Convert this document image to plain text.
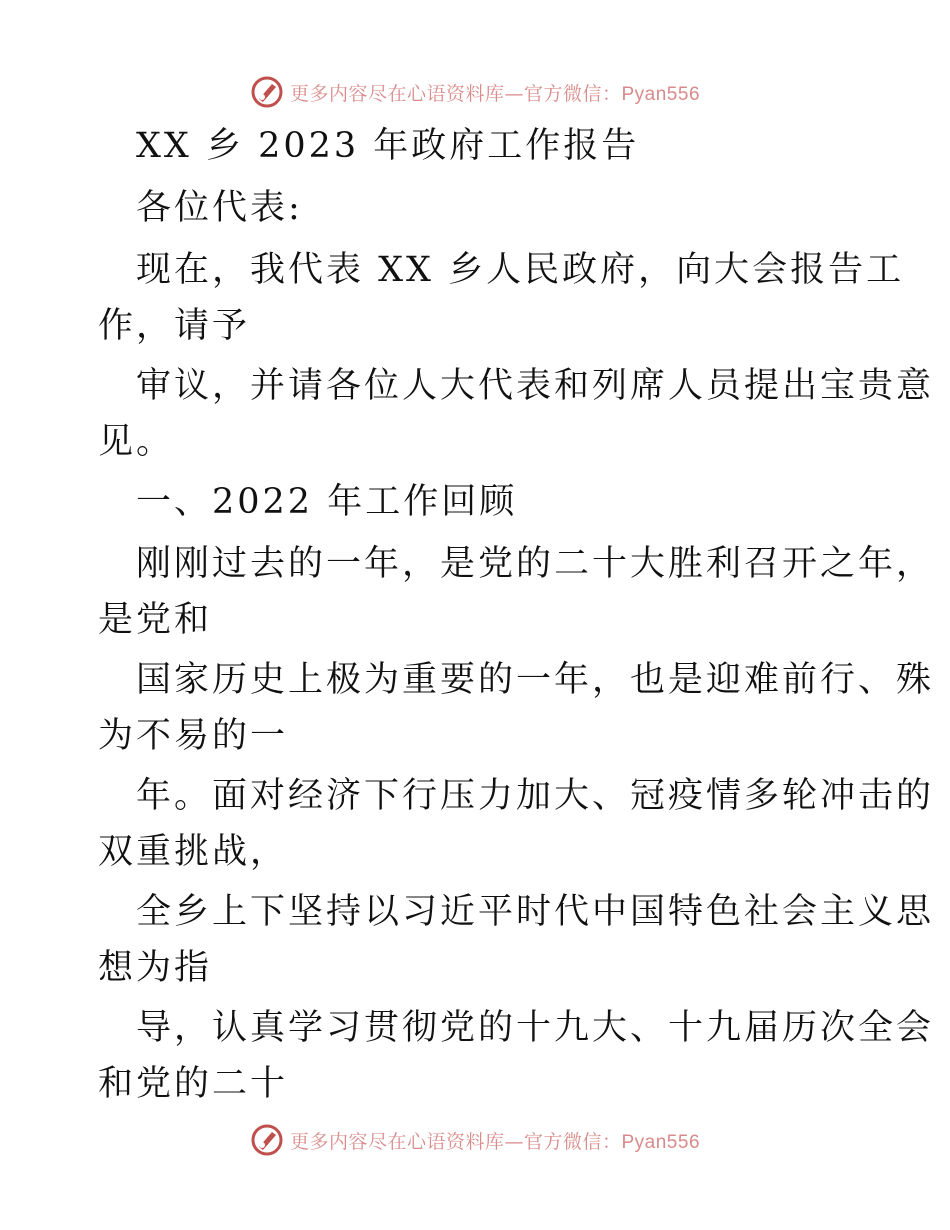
更多内容尽在心语资料库—官方微信：Pyan556
XX 乡 2023 年政府工作报告
各位代表:
现在，我代表 XX 乡人民政府，向大会报告工
作，请予
审议，并请各位人大代表和列席人员提出宝贵意
见。
一、2022 年工作回顾
刚刚过去的一年，是党的二十大胜利召开之年，
是党和
国家历史上极为重要的一年，也是迎难前行、殊
为不易的一
年。面对经济下行压力加大、冠疫情多轮冲击的
双重挑战，
全乡上下坚持以习近平时代中国特色社会主义思
想为指
导，认真学习贯彻党的十九大、十九届历次全会
和党的二十
更多内容尽在心语资料库—官方微信：Pyan556
